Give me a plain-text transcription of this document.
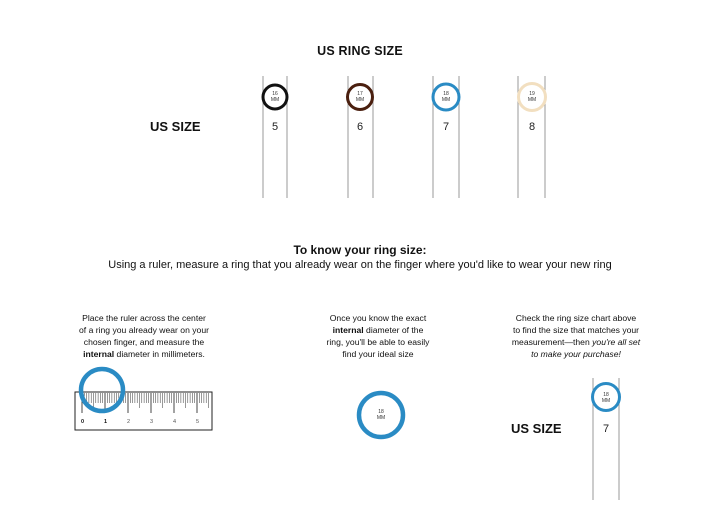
US RING SIZE
US SIZE
16
MM
17
MM
18
MM
19
MM
5	6	7	8
To know your ring size:
Using a ruler, measure a ring that you already wear on the finger where you'd like to wear your new ring
Place the ruler across the center
of a ring you already wear on your
chosen finger, and measure the
internal diameter in millimeters.
Once you know the exact
internal diameter of the
ring, you'll be able to easily
find your ideal size
Check the ring size chart above
to find the size that matches your
measurement—then you're all set
to make your purchase!
0	1	2	3	4	5
18
MM
US SIZE
18
MM
7
